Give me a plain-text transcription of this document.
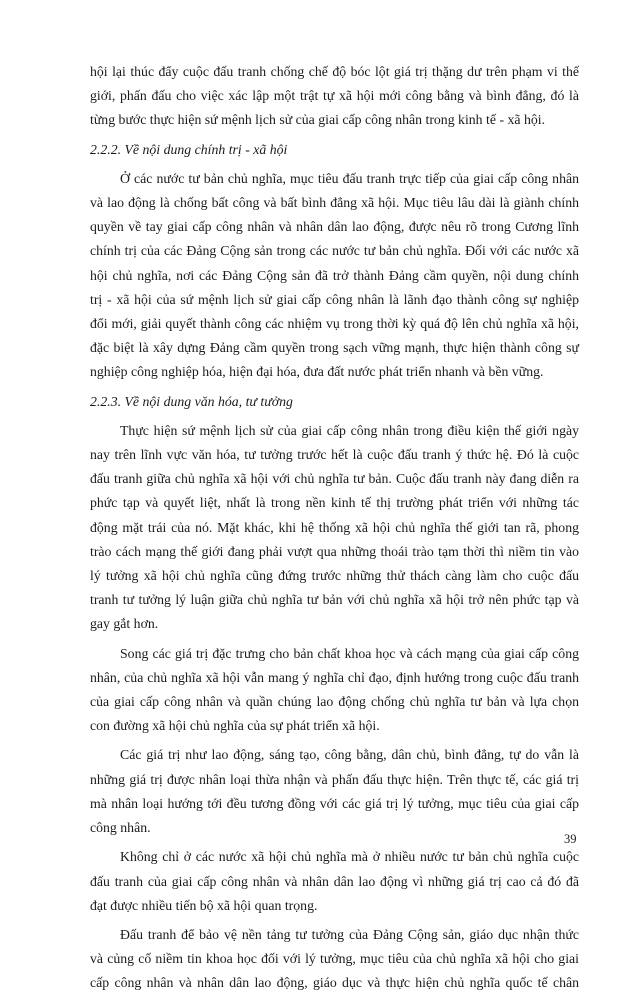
hội lại thúc đẩy cuộc đấu tranh chống chế độ bóc lột giá trị thặng dư trên phạm vi thế

giới, phấn đấu cho việc xác lập một trật tự xã hội mới công bằng và bình đẳng, đó là

từng bước thực hiện sứ mệnh lịch sử của giai cấp công nhân trong kinh tế - xã hội.

2.2.2. Về nội dung chính trị - xã hội

Ở các nước tư bản chủ nghĩa, mục tiêu đấu tranh trực tiếp của giai cấp công nhân

và lao động là chống bất công và bất bình đẳng xã hội. Mục tiêu lâu dài là giành chính

quyền về tay giai cấp công nhân và nhân dân lao động, được nêu rõ trong Cương lĩnh

chính trị của các Đảng Cộng sản trong các nước tư bản chủ nghĩa. Đối với các nước xã

hội chủ nghĩa, nơi các Đảng Cộng sản đã trở thành Đảng cầm quyền, nội dung chính

trị - xã hội của sứ mệnh lịch sử giai cấp công nhân là lãnh đạo thành công sự nghiệp

đổi mới, giải quyết thành công các nhiệm vụ trong thời kỳ quá độ lên chủ nghĩa xã hội,

đặc biệt là xây dựng Đảng cầm quyền trong sạch vững mạnh, thực hiện thành công sự

nghiệp công nghiệp hóa, hiện đại hóa, đưa đất nước phát triển nhanh và bền vững.

2.2.3. Về nội dung văn hóa, tư tưởng

Thực hiện sứ mệnh lịch sử của giai cấp công nhân trong điều kiện thế giới ngày

nay trên lĩnh vực văn hóa, tư tưởng trước hết là cuộc đấu tranh ý thức hệ. Đó là cuộc

đấu tranh giữa chủ nghĩa xã hội với chủ nghĩa tư bản. Cuộc đấu tranh này đang diễn ra

phức tạp và quyết liệt, nhất là trong nền kinh tế thị trường phát triển với những tác

động mặt trái của nó. Mặt khác, khi hệ thống xã hội chủ nghĩa thế giới tan rã, phong

trào cách mạng thế giới đang phải vượt qua những thoái trào tạm thời thì niềm tin vào

lý tưởng xã hội chủ nghĩa cũng đứng trước những thử thách càng làm cho cuộc đấu

tranh tư tưởng lý luận giữa chủ nghĩa tư bản với chủ nghĩa xã hội trở nên phức tạp và

gay gắt hơn.

Song các giá trị đặc trưng cho bản chất khoa học và cách mạng của giai cấp công

nhân, của chủ nghĩa xã hội vẫn mang ý nghĩa chỉ đạo, định hướng trong cuộc đấu tranh

của giai cấp công nhân và quần chúng lao động chống chủ nghĩa tư bản và lựa chọn

con đường xã hội chủ nghĩa của sự phát triển xã hội.

Các giá trị như lao động, sáng tạo, công bằng, dân chủ, bình đẳng, tự do vẫn là

những giá trị được nhân loại thừa nhận và phấn đấu thực hiện. Trên thực tế, các giá trị

mà nhân loại hướng tới đều tương đồng với các giá trị lý tưởng, mục tiêu của giai cấp

công nhân.

Không chỉ ở các nước xã hội chủ nghĩa mà ở nhiều nước tư bản chủ nghĩa cuộc

đấu tranh của giai cấp công nhân và nhân dân lao động vì những giá trị cao cả đó đã

đạt được nhiều tiến bộ xã hội quan trọng.

Đấu tranh để bảo vệ nền tảng tư tưởng của Đảng Cộng sản, giáo dục nhận thức

và củng cố niềm tin khoa học đối với lý tưởng, mục tiêu của chủ nghĩa xã hội cho giai

cấp công nhân và nhân dân lao động, giáo dục và thực hiện chủ nghĩa quốc tế chân

39
